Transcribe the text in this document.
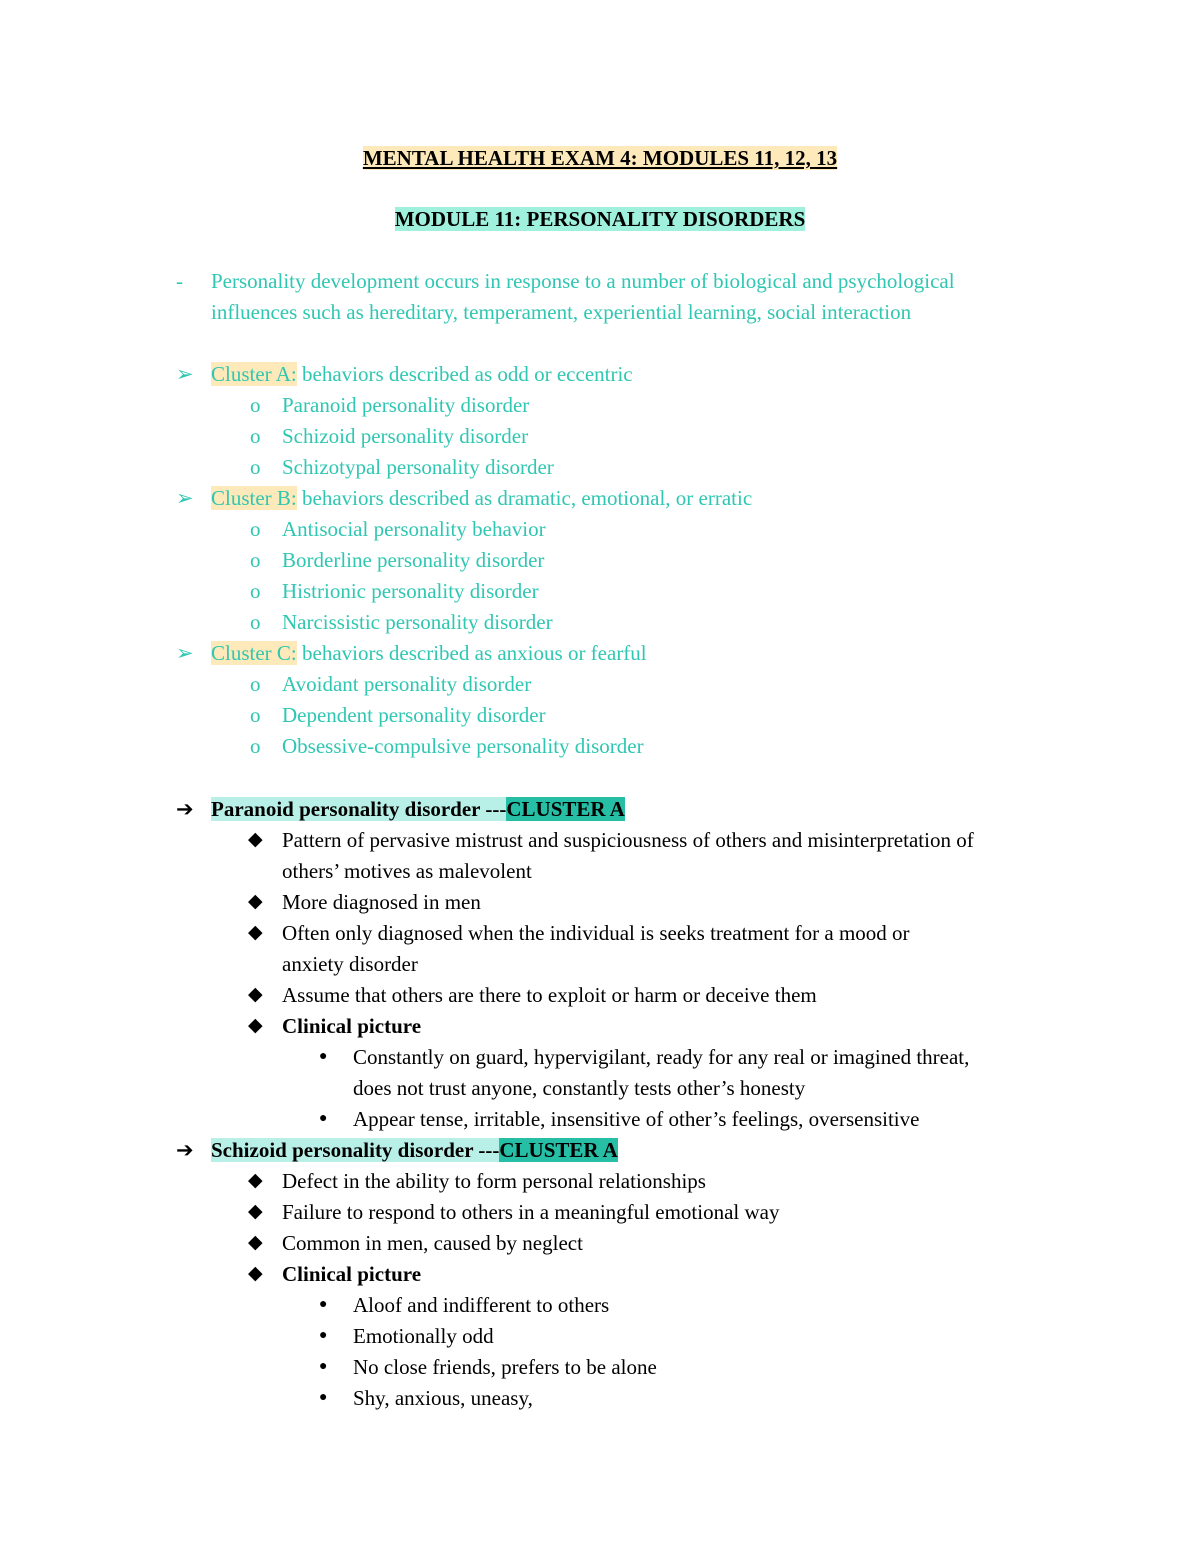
MENTAL HEALTH EXAM 4: MODULES 11, 12, 13
MODULE 11: PERSONALITY DISORDERS
- Personality development occurs in response to a number of biological and psychological
influences such as hereditary, temperament, experiential learning, social interaction
➢ Cluster A: behaviors described as odd or eccentric
o Paranoid personality disorder
o Schizoid personality disorder
o Schizotypal personality disorder
➢ Cluster B: behaviors described as dramatic, emotional, or erratic
o Antisocial personality behavior
o Borderline personality disorder
o Histrionic personality disorder
o Narcissistic personality disorder
➢ Cluster C: behaviors described as anxious or fearful
o Avoidant personality disorder
o Dependent personality disorder
o Obsessive-compulsive personality disorder
➔ Paranoid personality disorder ---CLUSTER A
◆ Pattern of pervasive mistrust and suspiciousness of others and misinterpretation of
others’ motives as malevolent
◆ More diagnosed in men
◆ Often only diagnosed when the individual is seeks treatment for a mood or
anxiety disorder
◆ Assume that others are there to exploit or harm or deceive them
◆ Clinical picture
● Constantly on guard, hypervigilant, ready for any real or imagined threat,
does not trust anyone, constantly tests other’s honesty
● Appear tense, irritable, insensitive of other’s feelings, oversensitive
➔ Schizoid personality disorder ---CLUSTER A
◆ Defect in the ability to form personal relationships
◆ Failure to respond to others in a meaningful emotional way
◆ Common in men, caused by neglect
◆ Clinical picture
● Aloof and indifferent to others
● Emotionally odd
● No close friends, prefers to be alone
● Shy, anxious, uneasy,
